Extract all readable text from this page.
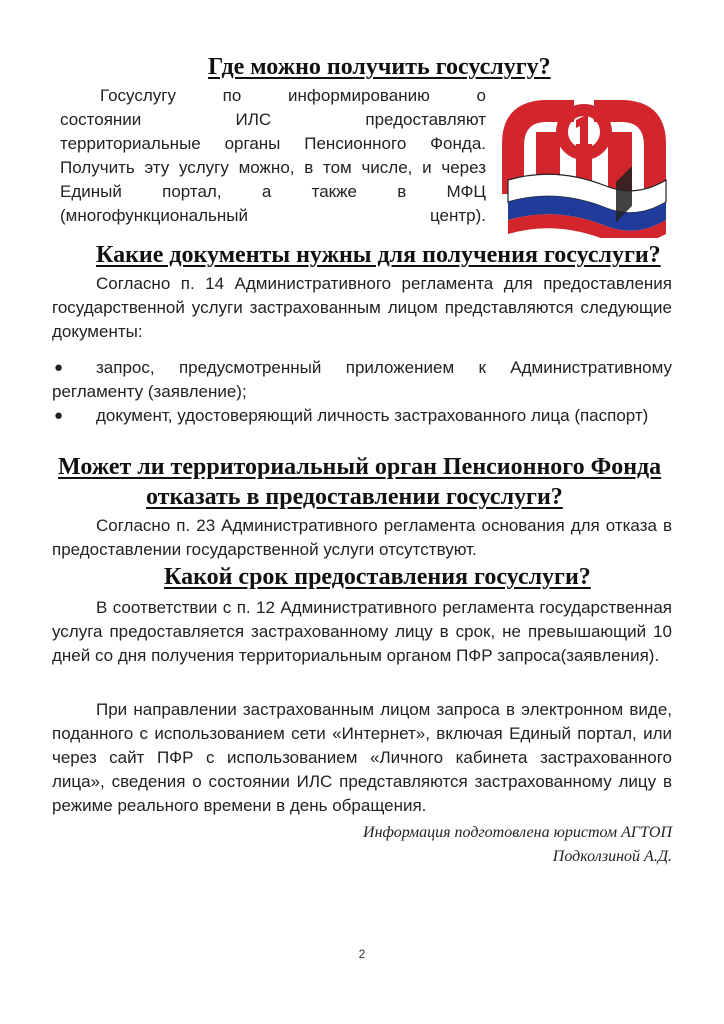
Где можно получить госуслугу?
Госуслугу по информированию о
состоянии ИЛС предоставляют
территориальные органы Пенсионного Фонда.
Получить эту услугу можно, в том числе, и через
Единый портал, а также в МФЦ
(многофункциональный центр).
Какие документы нужны для получения госуслуги?
Согласно п. 14 Административного регламента для предоставления государственной услуги застрахованным лицом представляются следующие документы:
●	запрос, предусмотренный приложением к Административному регламенту (заявление);
●	документ, удостоверяющий личность застрахованного лица (паспорт)
Может ли территориальный орган Пенсионного Фонда
отказать в предоставлении госуслуги?
Согласно п. 23 Административного регламента основания для отказа в предоставлении государственной услуги отсутствуют.
Какой срок предоставления госуслуги?
В соответствии с п. 12 Административного регламента государственная услуга предоставляется застрахованному лицу в срок, не превышающий 10 дней со дня получения территориальным органом ПФР запроса(заявления).
При направлении застрахованным лицом запроса в электронном виде, поданного с использованием сети «Интернет», включая Единый портал, или через сайт ПФР с использованием «Личного кабинета застрахованного лица», сведения о состоянии ИЛС представляются застрахованному лицу в режиме реального времени в день обращения.

Информация подготовлена юристом АГТОП

Подколзиной А.Д.

2
